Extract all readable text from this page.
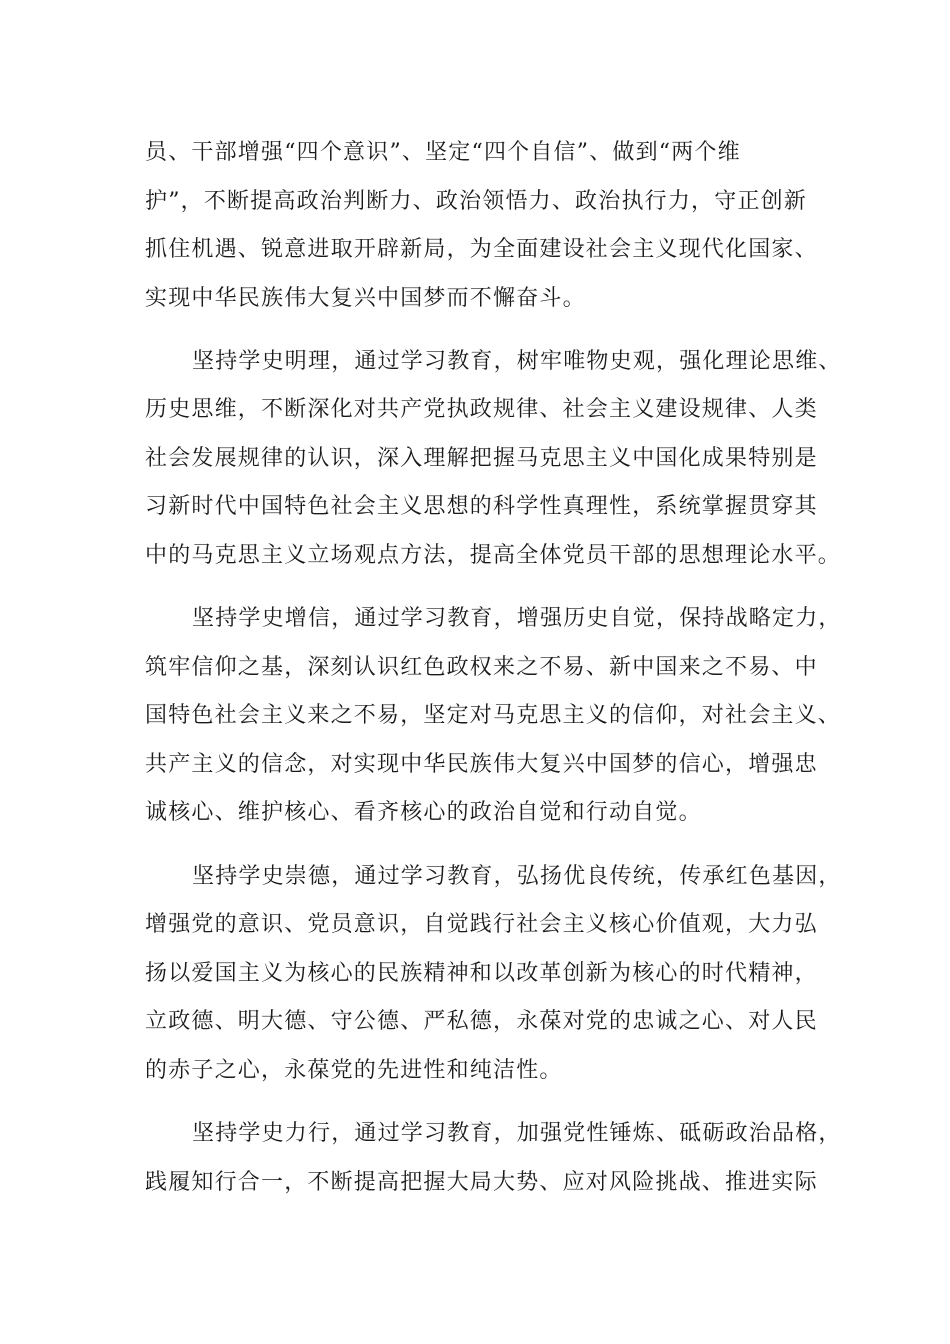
员、干部增强“四个意识”、坚定“四个自信”、做到“两个维

护”，不断提高政治判断力、政治领悟力、政治执行力，守正创新

抓住机遇、锐意进取开辟新局，为全面建设社会主义现代化国家、

实现中华民族伟大复兴中国梦而不懈奋斗。

坚持学史明理，通过学习教育，树牢唯物史观，强化理论思维、

历史思维，不断深化对共产党执政规律、社会主义建设规律、人类

社会发展规律的认识，深入理解把握马克思主义中国化成果特别是

习新时代中国特色社会主义思想的科学性真理性，系统掌握贯穿其

中的马克思主义立场观点方法，提高全体党员干部的思想理论水平。

坚持学史增信，通过学习教育，增强历史自觉，保持战略定力，

筑牢信仰之基，深刻认识红色政权来之不易、新中国来之不易、中

国特色社会主义来之不易，坚定对马克思主义的信仰，对社会主义、

共产主义的信念，对实现中华民族伟大复兴中国梦的信心，增强忠

诚核心、维护核心、看齐核心的政治自觉和行动自觉。

坚持学史崇德，通过学习教育，弘扬优良传统，传承红色基因，

增强党的意识、党员意识，自觉践行社会主义核心价值观，大力弘

扬以爱国主义为核心的民族精神和以改革创新为核心的时代精神，

立政德、明大德、守公德、严私德，永葆对党的忠诚之心、对人民

的赤子之心，永葆党的先进性和纯洁性。

坚持学史力行，通过学习教育，加强党性锤炼、砥砺政治品格，

践履知行合一，不断提高把握大局大势、应对风险挑战、推进实际
